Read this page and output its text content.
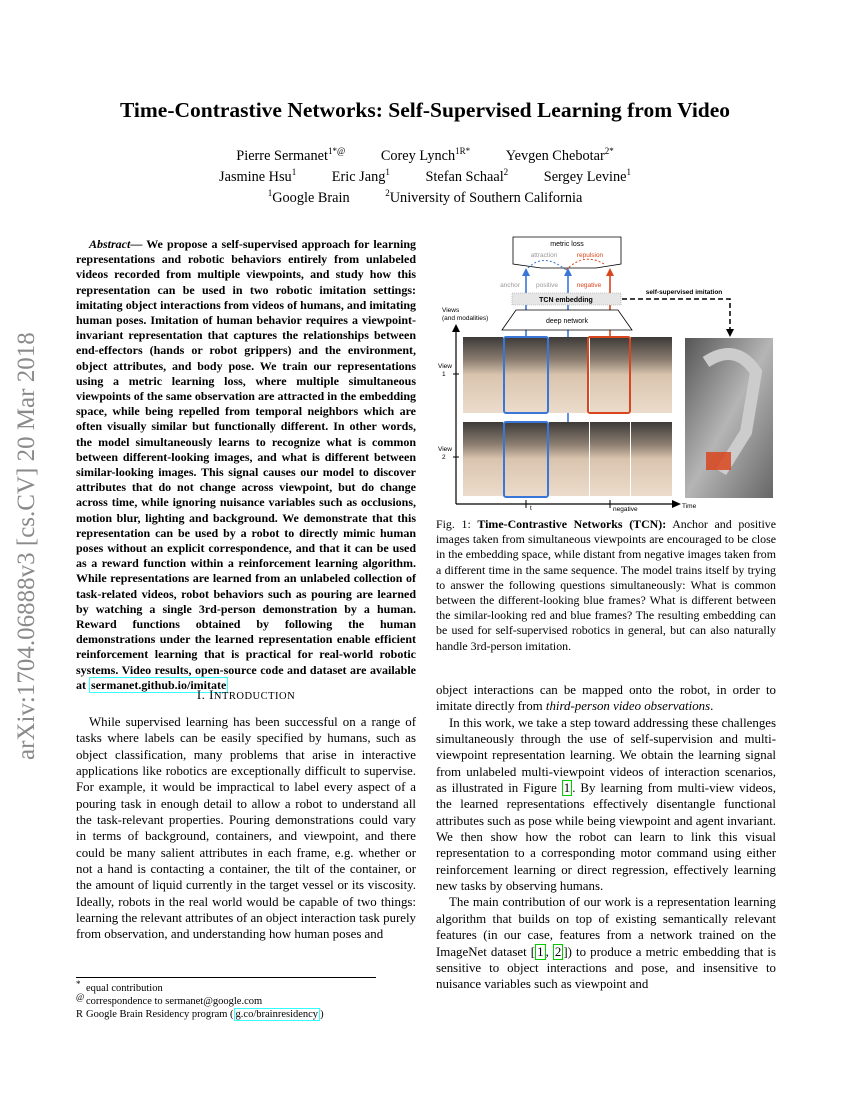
arXiv:1704.06888v3 [cs.CV] 20 Mar 2018
Time-Contrastive Networks: Self-Supervised Learning from Video
Pierre Sermanet$^{1*@}$ Corey Lynch$^{1R*}$ Yevgen Chebotar$^{2*}$
Jasmine Hsu$^1$ Eric Jang$^1$ Stefan Schaal$^2$ Sergey Levine$^1$
$^1$Google Brain	$^2$University of Southern California

Abstract— We propose a self-supervised approach for learning representations and robotic behaviors entirely from unlabeled videos recorded from multiple viewpoints, and study how this representation can be used in two robotic imitation settings: imitating object interactions from videos of humans, and imitating human poses. Imitation of human behavior requires a viewpoint-invariant representation that captures the relationships between end-effectors (hands or robot grippers) and the environment, object attributes, and body pose. We train our representations using a metric learning loss, where multiple simultaneous viewpoints of the same observation are attracted in the embedding space, while being repelled from temporal neighbors which are often visually similar but functionally different. In other words, the model simultaneously learns to recognize what is common between different-looking images, and what is different between similar-looking images. This signal causes our model to discover attributes that do not change across viewpoint, but do change across time, while ignoring nuisance variables such as occlusions, motion blur, lighting and background. We demonstrate that this representation can be used by a robot to directly mimic human poses without an explicit correspondence, and that it can be used as a reward function within a reinforcement learning algorithm. While representations are learned from an unlabeled collection of task-related videos, robot behaviors such as pouring are learned by watching a single 3rd-person demonstration by a human. Reward functions obtained by following the human demonstrations under the learned representation enable efficient reinforcement learning that is practical for real-world robotic systems. Video results, open-source code and dataset are available at sermanet.github.io/imitate

I. INTRODUCTION

While supervised learning has been successful on a range of tasks where labels can be easily specified by humans, such as object classification, many problems that arise in interactive applications like robotics are exceptionally difficult to supervise. For example, it would be impractical to label every aspect of a pouring task in enough detail to allow a robot to understand all the task-relevant properties. Pouring demonstrations could vary in terms of background, containers, and viewpoint, and there could be many salient attributes in each frame, e.g. whether or not a hand is contacting a container, the tilt of the container, or the amount of liquid currently in the target vessel or its viscosity. Ideally, robots in the real world would be capable of two things: learning the relevant attributes of an object interaction task purely from observation, and understanding how human poses and

* equal contribution
@ correspondence to sermanet@google.com
R Google Brain Residency program ( g.co/brainresidency )
metric loss
attraction	repulsion
anchor positive	negative
TCN embedding
self-supervised imitation
deep network
Views
(and modalities)
Time
View
1
View
2
t	negative

Fig. 1: Time-Contrastive Networks (TCN): Anchor and positive images taken from simultaneous viewpoints are encouraged to be close in the embedding space, while distant from negative images taken from a different time in the same sequence. The model trains itself by trying to answer the following questions simultaneously: What is common between the different-looking blue frames? What is different between the similar-looking red and blue frames? The resulting embedding can be used for self-supervised robotics in general, but can also naturally handle 3rd-person imitation.

object interactions can be mapped onto the robot, in order to imitate directly from third-person video observations.

In this work, we take a step toward addressing these challenges simultaneously through the use of self-supervision and multi-viewpoint representation learning. We obtain the learning signal from unlabeled multi-viewpoint videos of interaction scenarios, as illustrated in Figure 1 . By learning from multi-view videos, the learned representations effectively disentangle functional attributes such as pose while being viewpoint and agent invariant. We then show how the robot can learn to link this visual representation to a corresponding motor command using either reinforcement learning or direct regression, effectively learning new tasks by observing humans.

The main contribution of our work is a representation learning algorithm that builds on top of existing semantically relevant features (in our case, features from a network trained on the ImageNet dataset [ 1 , 2 ]) to produce a metric embedding that is sensitive to object interactions and pose, and insensitive to nuisance variables such as viewpoint and
